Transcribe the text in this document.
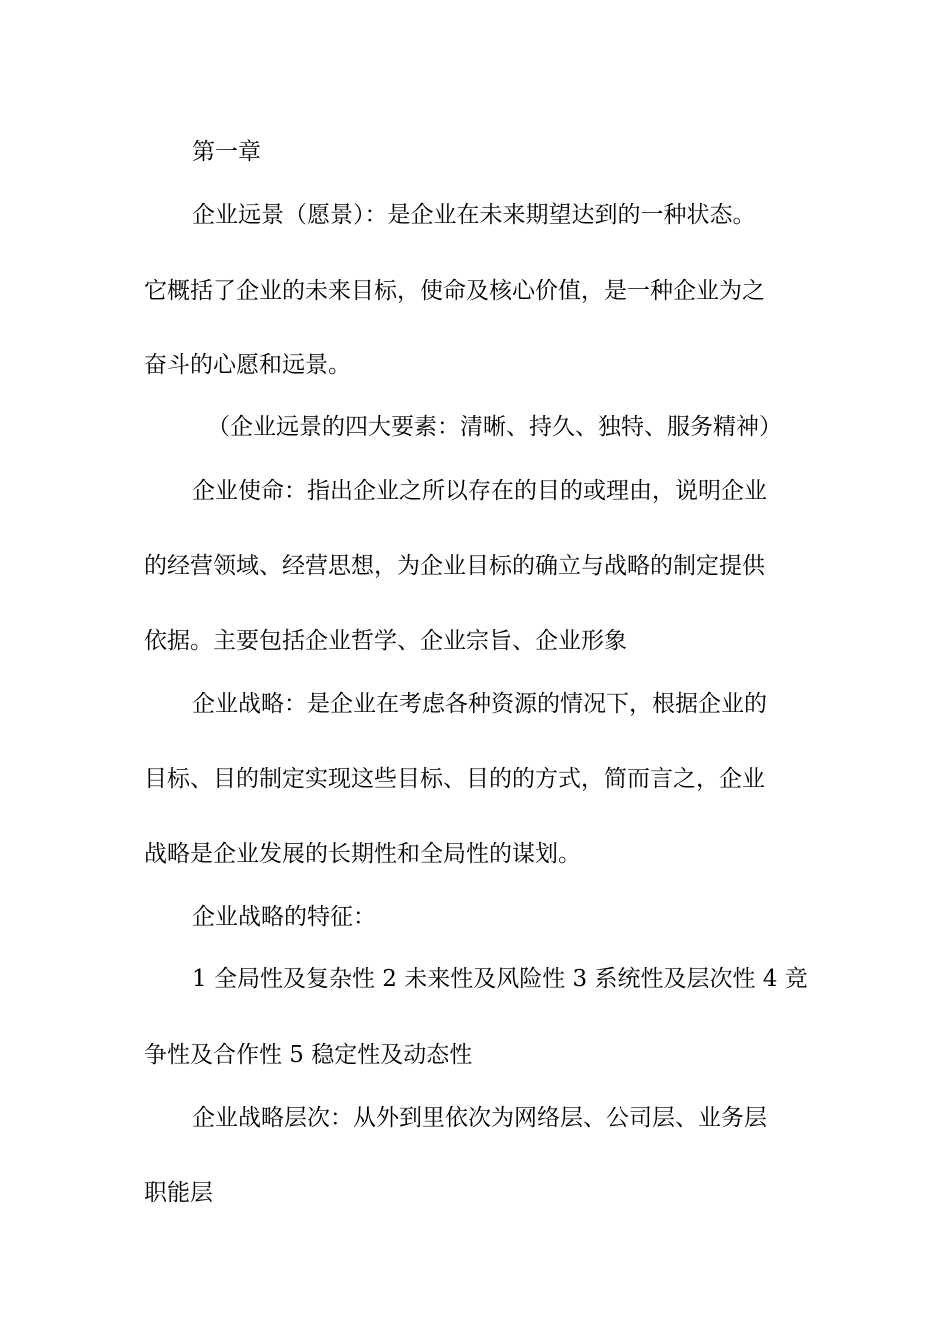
第一章
企业远景（愿景）：是企业在未来期望达到的一种状态。
它概括了企业的未来目标，使命及核心价值，是一种企业为之
奋斗的心愿和远景。
（企业远景的四大要素：清晰、持久、独特、服务精神）
企业使命：指出企业之所以存在的目的或理由，说明企业
的经营领域、经营思想，为企业目标的确立与战略的制定提供
依据。主要包括企业哲学、企业宗旨、企业形象
企业战略：是企业在考虑各种资源的情况下，根据企业的
目标、目的制定实现这些目标、目的的方式，简而言之，企业
战略是企业发展的长期性和全局性的谋划。
企业战略的特征：
1 全局性及复杂性 2 未来性及风险性 3 系统性及层次性 4 竞
争性及合作性 5 稳定性及动态性
企业战略层次：从外到里依次为网络层、公司层、业务层
职能层
